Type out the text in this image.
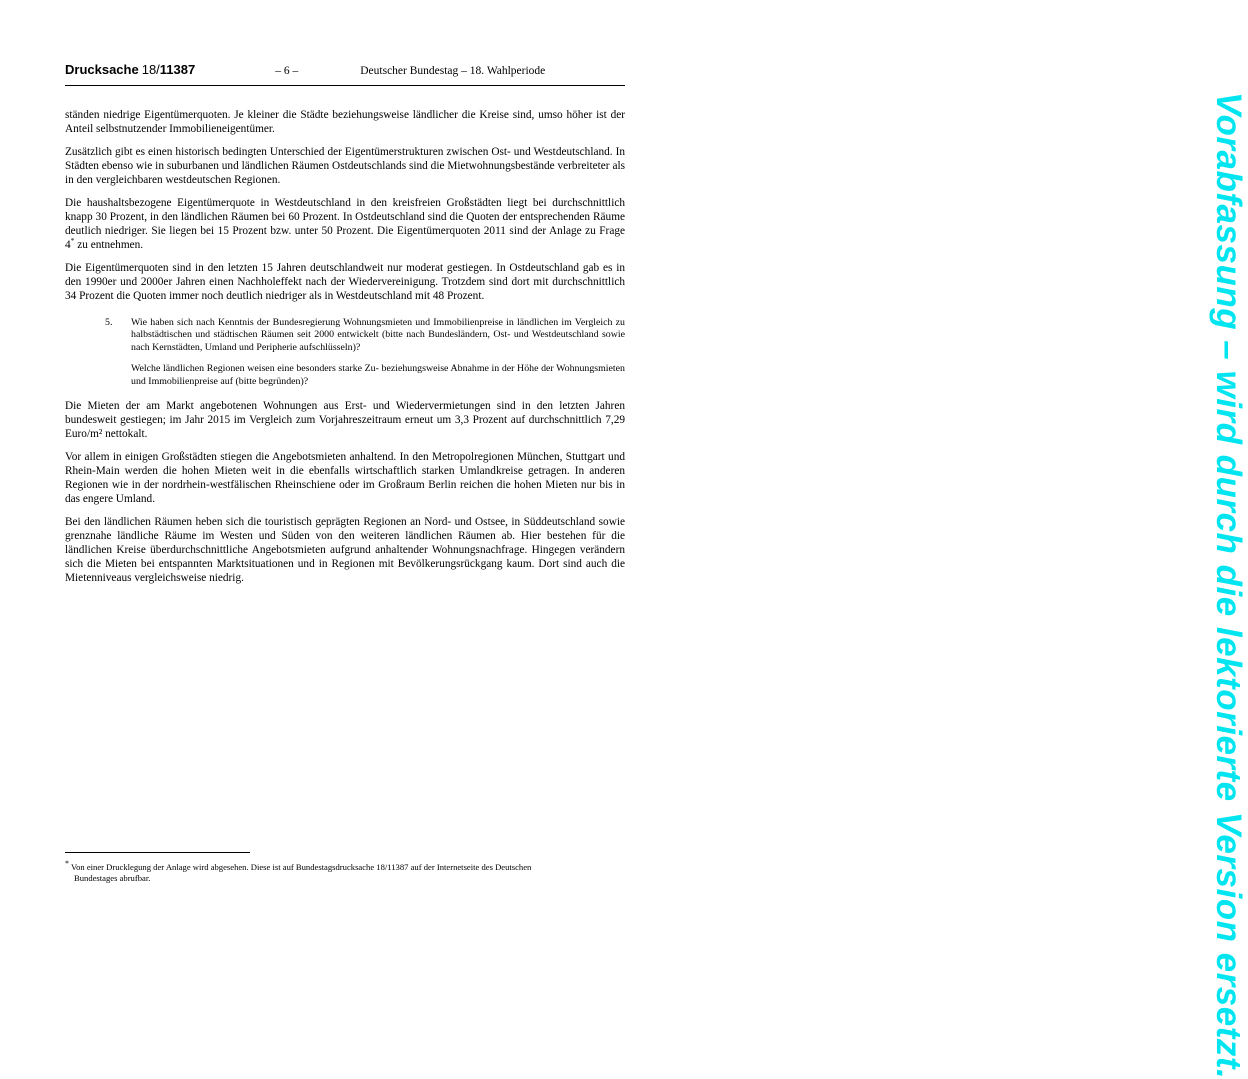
Drucksache 18/11387	– 6 –	Deutscher Bundestag – 18. Wahlperiode

ständen niedrige Eigentümerquoten. Je kleiner die Städte beziehungsweise ländlicher die Kreise sind, umso höher ist der Anteil selbstnutzender Immobilieneigentümer.

Zusätzlich gibt es einen historisch bedingten Unterschied der Eigentümerstrukturen zwischen Ost- und Westdeutschland. In Städten ebenso wie in suburbanen und ländlichen Räumen Ostdeutschlands sind die Mietwohnungsbestände verbreiteter als in den vergleichbaren westdeutschen Regionen.

Die haushaltsbezogene Eigentümerquote in Westdeutschland in den kreisfreien Großstädten liegt bei durchschnittlich knapp 30 Prozent, in den ländlichen Räumen bei 60 Prozent. In Ostdeutschland sind die Quoten der entsprechenden Räume deutlich niedriger. Sie liegen bei 15 Prozent bzw. unter 50 Prozent. Die Eigentümerquoten 2011 sind der Anlage zu Frage 4* zu entnehmen.

Die Eigentümerquoten sind in den letzten 15 Jahren deutschlandweit nur moderat gestiegen. In Ostdeutschland gab es in den 1990er und 2000er Jahren einen Nachholeffekt nach der Wiedervereinigung. Trotzdem sind dort mit durchschnittlich 34 Prozent die Quoten immer noch deutlich niedriger als in Westdeutschland mit 48 Prozent.

5.	Wie haben sich nach Kenntnis der Bundesregierung Wohnungsmieten und Immobilienpreise in ländlichen im Vergleich zu halbstädtischen und städtischen Räumen seit 2000 entwickelt (bitte nach Bundesländern, Ost- und Westdeutschland sowie nach Kernstädten, Umland und Peripherie aufschlüsseln)?
Welche ländlichen Regionen weisen eine besonders starke Zu- beziehungsweise Abnahme in der Höhe der Wohnungsmieten und Immobilienpreise auf (bitte begründen)?

Die Mieten der am Markt angebotenen Wohnungen aus Erst- und Wiedervermietungen sind in den letzten Jahren bundesweit gestiegen; im Jahr 2015 im Vergleich zum Vorjahreszeitraum erneut um 3,3 Prozent auf durchschnittlich 7,29 Euro/m² nettokalt.

Vor allem in einigen Großstädten stiegen die Angebotsmieten anhaltend. In den Metropolregionen München, Stuttgart und Rhein-Main werden die hohen Mieten weit in die ebenfalls wirtschaftlich starken Umlandkreise getragen. In anderen Regionen wie in der nordrhein-westfälischen Rheinschiene oder im Großraum Berlin reichen die hohen Mieten nur bis in das engere Umland.

Bei den ländlichen Räumen heben sich die touristisch geprägten Regionen an Nord- und Ostsee, in Süddeutschland sowie grenznahe ländliche Räume im Westen und Süden von den weiteren ländlichen Räumen ab. Hier bestehen für die ländlichen Kreise überdurchschnittliche Angebotsmieten aufgrund anhaltender Wohnungsnachfrage. Hingegen verändern sich die Mieten bei entspannten Marktsituationen und in Regionen mit Bevölkerungsrückgang kaum. Dort sind auch die Mietenniveaus vergleichsweise niedrig.

* Von einer Drucklegung der Anlage wird abgesehen. Diese ist auf Bundestagsdrucksache 18/11387 auf der Internetseite des Deutschen
Bundestages abrufbar.	Vorabfassung – wird durch die lektorierte Version ersetzt.
